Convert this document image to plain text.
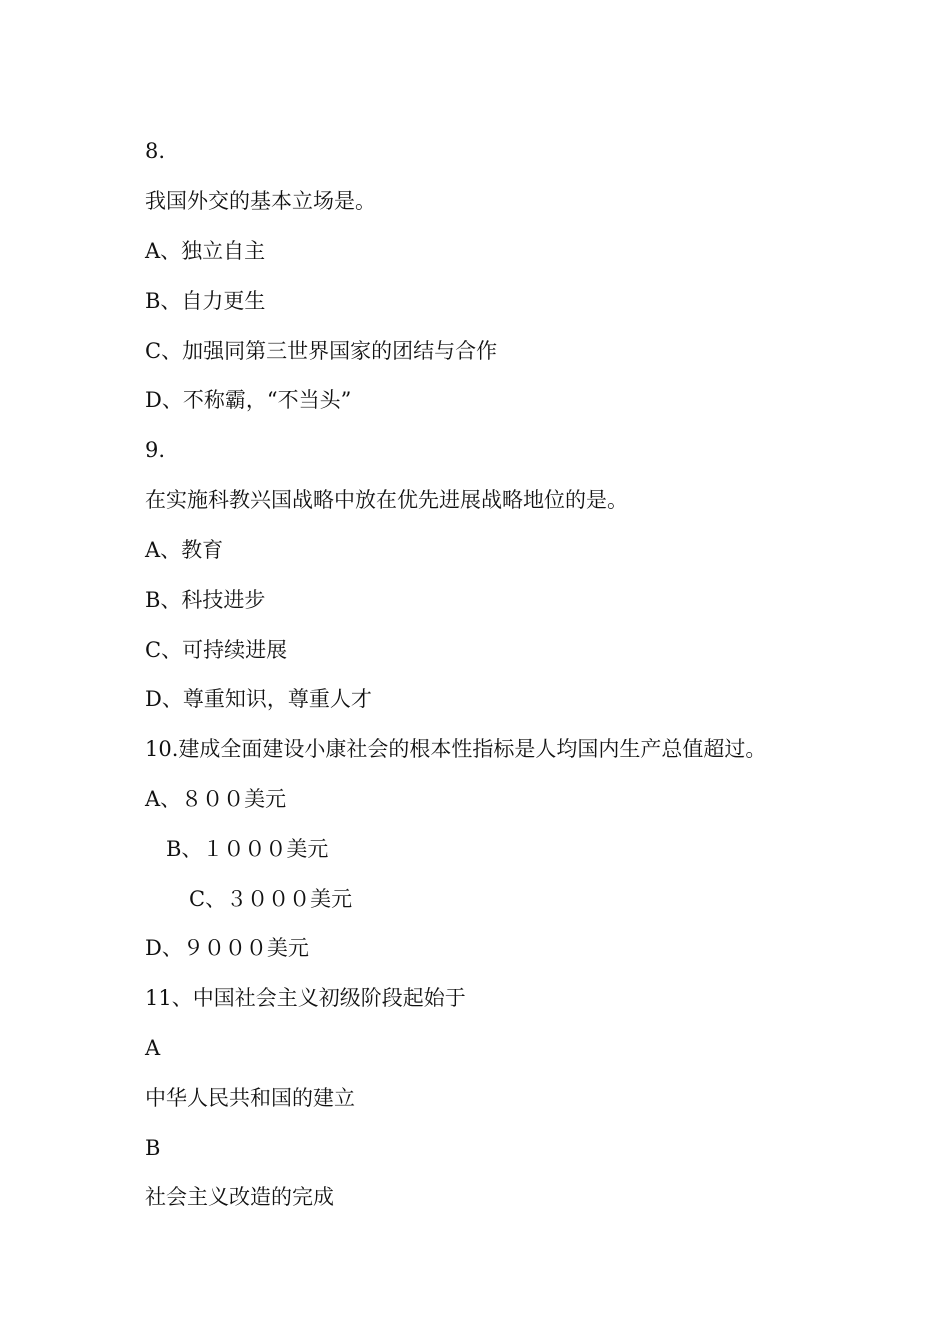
8.
我国外交的基本立场是。
A、独立自主
B、自力更生
C、加强同第三世界国家的团结与合作
D、不称霸，“不当头”
9.
在实施科教兴国战略中放在优先进展战略地位的是。
A、教育
B、科技进步
C、可持续进展
D、尊重知识，尊重人才
10.建成全面建设小康社会的根本性指标是人均国内生产总值超过。
A、８００美元
B、１０００美元
C、３０００美元
D、９０００美元
11、中国社会主义初级阶段起始于
A
中华人民共和国的建立
B
社会主义改造的完成
